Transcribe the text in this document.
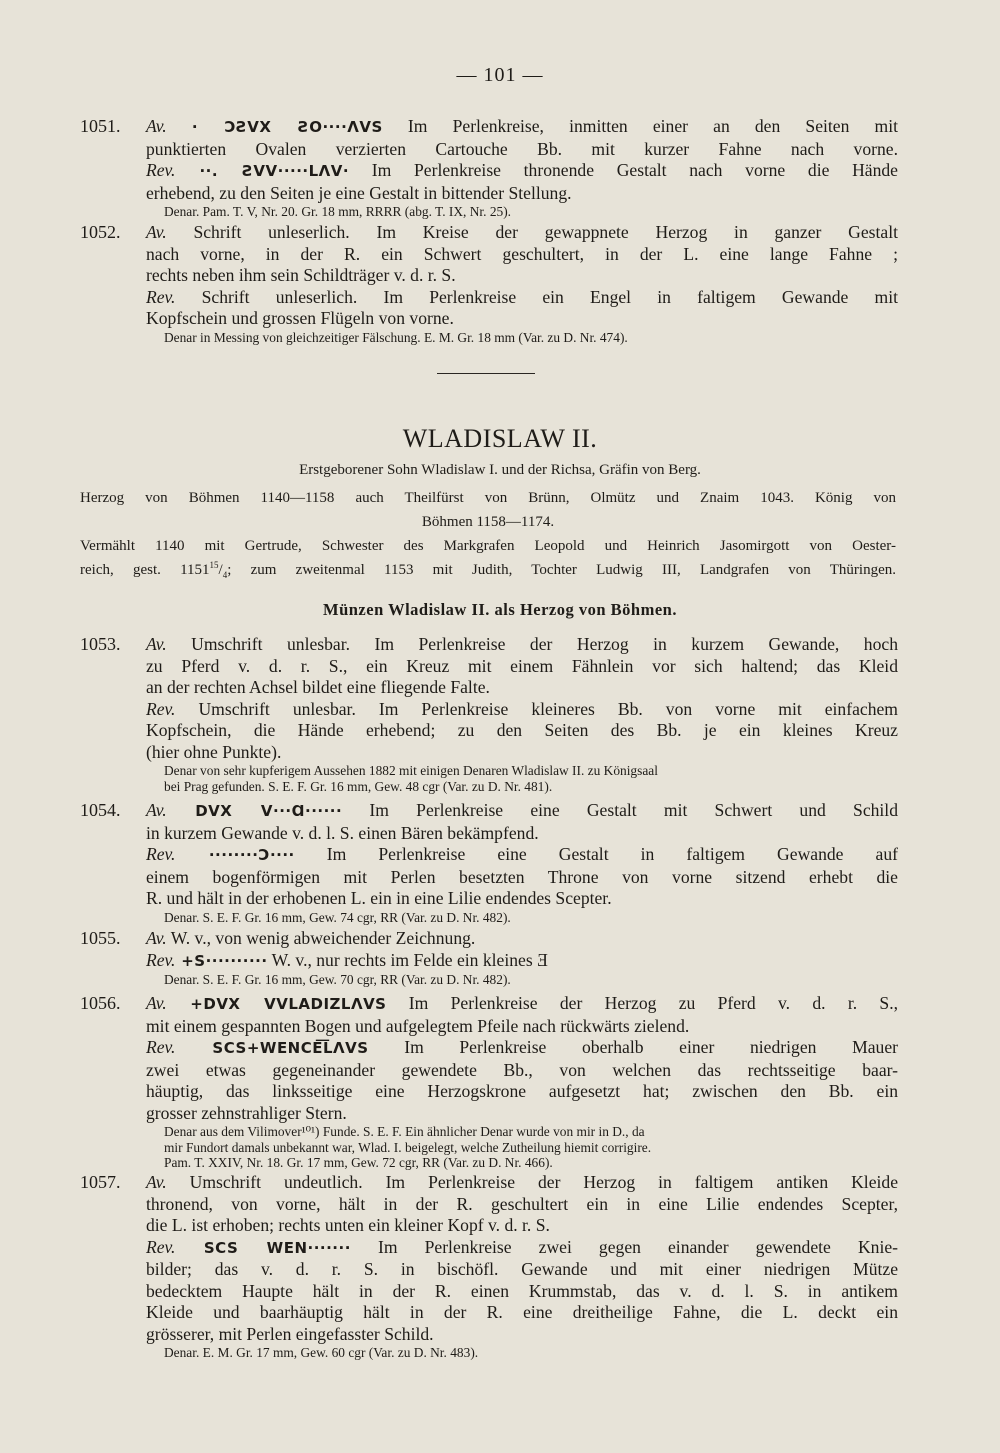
— 101 —
1051. Av. · ƆƧVX ƧO····ΛVS Im Perlenkreise, inmitten einer an den Seiten mit
punktierten Ovalen verzierten Cartouche Bb. mit kurzer Fahne nach vorne.
Rev. ··. ƧVV·····LΛV· Im Perlenkreise thronende Gestalt nach vorne die Hände
erhebend, zu den Seiten je eine Gestalt in bittender Stellung.
Denar. Pam. T. V, Nr. 20. Gr. 18 mm, RRRR (abg. T. IX, Nr. 25).
1052. Av. Schrift unleserlich. Im Kreise der gewappnete Herzog in ganzer Gestalt
nach vorne, in der R. ein Schwert geschultert, in der L. eine lange Fahne ;
rechts neben ihm sein Schildträger v. d. r. S.
Rev. Schrift unleserlich. Im Perlenkreise ein Engel in faltigem Gewande mit
Kopfschein und grossen Flügeln von vorne.
Denar in Messing von gleichzeitiger Fälschung. E. M. Gr. 18 mm (Var. zu D. Nr. 474).
WLADISLAW II.
Erstgeborener Sohn Wladislaw I. und der Richsa, Gräfin von Berg.
Herzog von Böhmen 1140—1158 auch Theilfürst von Brünn, Olmütz und Znaim 1043. König von
Böhmen 1158—1174.
Vermählt 1140 mit Gertrude, Schwester des Markgrafen Leopold und Heinrich Jasomirgott von Oester-
reich, gest. $1151^{15}/_4$; zum zweitenmal 1153 mit Judith, Tochter Ludwig III, Landgrafen von Thüringen.
Münzen Wladislaw II. als Herzog von Böhmen.
1053. Av. Umschrift unlesbar. Im Perlenkreise der Herzog in kurzem Gewande, hoch
zu Pferd v. d. r. S., ein Kreuz mit einem Fähnlein vor sich haltend; das Kleid
an der rechten Achsel bildet eine fliegende Falte.
Rev. Umschrift unlesbar. Im Perlenkreise kleineres Bb. von vorne mit einfachem
Kopfschein, die Hände erhebend; zu den Seiten des Bb. je ein kleines Kreuz
(hier ohne Punkte).
Denar von sehr kupferigem Aussehen 1882 mit einigen Denaren Wladislaw II. zu Königsaal
bei Prag gefunden. S. E. F. Gr. 16 mm, Gew. 48 cgr (Var. zu D. Nr. 481).
1054. Av. DVX V···Ɑ······ Im Perlenkreise eine Gestalt mit Schwert und Schild
in kurzem Gewande v. d. l. S. einen Bären bekämpfend.
Rev. ········Ɔ···· Im Perlenkreise eine Gestalt in faltigem Gewande auf
einem bogenförmigen mit Perlen besetzten Throne von vorne sitzend erhebt die
R. und hält in der erhobenen L. ein in eine Lilie endendes Scepter.
Denar. S. E. F. Gr. 16 mm, Gew. 74 cgr, RR (Var. zu D. Nr. 482).
1055. Av. W. v., von wenig abweichender Zeichnung.
Rev. +S·········· W. v., nur rechts im Felde ein kleines Ǝ
Denar. S. E. F. Gr. 16 mm, Gew. 70 cgr, RR (Var. zu D. Nr. 482).
1056. Av. +DVX VVLADIZLΛVS Im Perlenkreise der Herzog zu Pferd v. d. r. S.,
mit einem gespannten Bogen und aufgelegtem Pfeile nach rückwärts zielend.
Rev. SCS+WENCE͞LΛVS Im Perlenkreise oberhalb einer niedrigen Mauer
zwei etwas gegeneinander gewendete Bb., von welchen das rechtsseitige baar-
häuptig, das linksseitige eine Herzogskrone aufgesetzt hat; zwischen den Bb. ein
grosser zehnstrahliger Stern.
Denar aus dem Vilimover¹⁰¹) Funde. S. E. F. Ein ähnlicher Denar wurde von mir in D., da
mir Fundort damals unbekannt war, Wlad. I. beigelegt, welche Zutheilung hiemit corrigire.
Pam. T. XXIV, Nr. 18. Gr. 17 mm, Gew. 72 cgr, RR (Var. zu D. Nr. 466).
1057. Av. Umschrift undeutlich. Im Perlenkreise der Herzog in faltigem antiken Kleide
thronend, von vorne, hält in der R. geschultert ein in eine Lilie endendes Scepter,
die L. ist erhoben; rechts unten ein kleiner Kopf v. d. r. S.
Rev. SCS WEN······· Im Perlenkreise zwei gegen einander gewendete Knie-
bilder; das v. d. r. S. in bischöfl. Gewande und mit einer niedrigen Mütze
bedecktem Haupte hält in der R. einen Krummstab, das v. d. l. S. in antikem
Kleide und baarhäuptig hält in der R. eine dreitheilige Fahne, die L. deckt ein
grösserer, mit Perlen eingefasster Schild.
Denar. E. M. Gr. 17 mm, Gew. 60 cgr (Var. zu D. Nr. 483).
